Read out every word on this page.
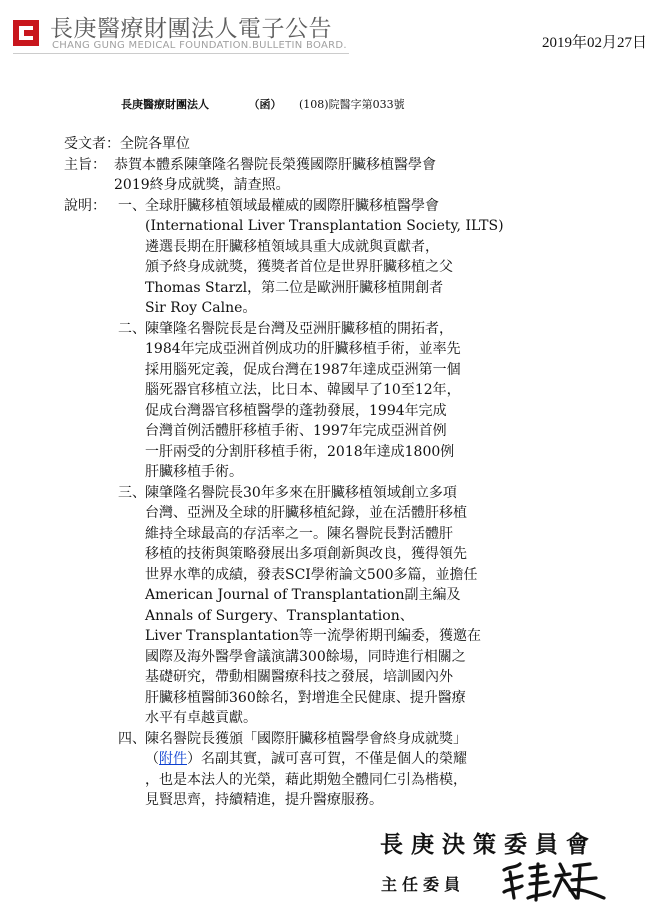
長庚醫療財團法人電子公告
CHANG GUNG MEDICAL FOUNDATION.BULLETIN BOARD.	2019年02月27日
長庚醫療財團法人	（函） (108)院醫字第033號
受文者： 全院各單位
主旨： 恭賀本體系陳肇隆名譽院長榮獲國際肝臟移植醫學會
2019終身成就獎，請查照。
說明： 一、 全球肝臟移植領域最權威的國際肝臟移植醫學會
(International Liver Transplantation Society, ILTS)
遴選長期在肝臟移植領域具重大成就與貢獻者，
頒予終身成就獎，獲獎者首位是世界肝臟移植之父
Thomas Starzl，第二位是歐洲肝臟移植開創者
Sir Roy Calne。
二、 陳肇隆名譽院長是台灣及亞洲肝臟移植的開拓者，
1984年完成亞洲首例成功的肝臟移植手術，並率先
採用腦死定義，促成台灣在1987年達成亞洲第一個
腦死器官移植立法，比日本、韓國早了10至12年，
促成台灣器官移植醫學的蓬勃發展，1994年完成
台灣首例活體肝移植手術、1997年完成亞洲首例
一肝兩受的分割肝移植手術，2018年達成1800例
肝臟移植手術。
三、 陳肇隆名譽院長30年多來在肝臟移植領域創立多項
台灣、亞洲及全球的肝臟移植紀錄，並在活體肝移植
維持全球最高的存活率之一。陳名譽院長對活體肝
移植的技術與策略發展出多項創新與改良，獲得領先
世界水準的成績，發表SCI學術論文500多篇，並擔任
American Journal of Transplantation副主編及
Annals of Surgery、Transplantation、
Liver Transplantation等一流學術期刊編委，獲邀在
國際及海外醫學會議演講300餘場，同時進行相關之
基礎研究，帶動相關醫療科技之發展，培訓國內外
肝臟移植醫師360餘名，對增進全民健康、提升醫療
水平有卓越貢獻。
四、 陳名譽院長獲頒「國際肝臟移植醫學會終身成就獎」
（附件）名副其實，誠可喜可賀，不僅是個人的榮耀
，也是本法人的光榮，藉此期勉全體同仁引為楷模，
見賢思齊，持續精進，提升醫療服務。
長庚決策委員會
主任委員
